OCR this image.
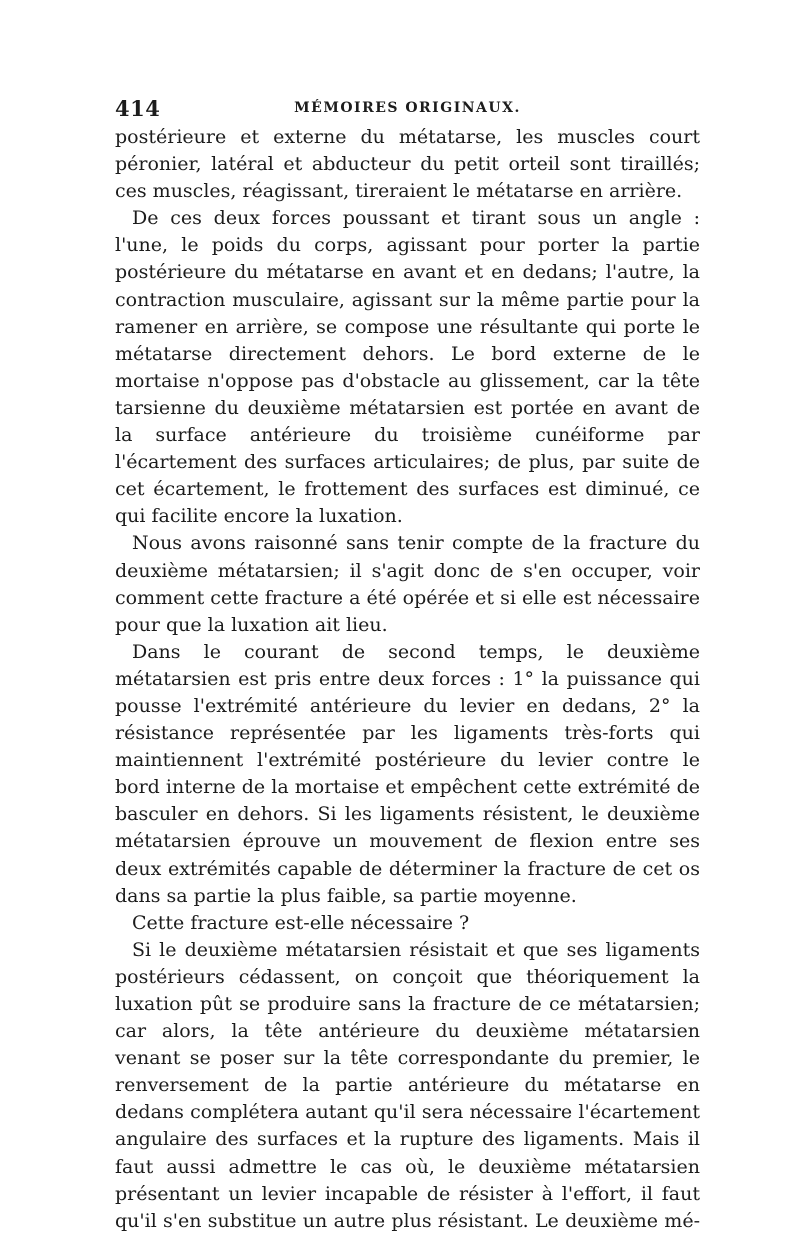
414	MÉMOIRES ORIGINAUX.

postérieure et externe du métatarse, les muscles court péronier, latéral et abducteur du petit orteil sont tiraillés; ces muscles, réagissant, tireraient le métatarse en arrière.

De ces deux forces poussant et tirant sous un angle : l'une, le poids du corps, agissant pour porter la partie postérieure du métatarse en avant et en dedans; l'autre, la contraction musculaire, agissant sur la même partie pour la ramener en arrière, se compose une résultante qui porte le métatarse directement dehors. Le bord externe de le mortaise n'oppose pas d'obstacle au glissement, car la tête tarsienne du deuxième métatarsien est portée en avant de la surface antérieure du troisième cunéiforme par l'écartement des surfaces articulaires; de plus, par suite de cet écartement, le frottement des surfaces est diminué, ce qui facilite encore la luxation.

Nous avons raisonné sans tenir compte de la fracture du deuxième métatarsien; il s'agit donc de s'en occuper, voir comment cette fracture a été opérée et si elle est nécessaire pour que la luxation ait lieu.

Dans le courant de second temps, le deuxième métatarsien est pris entre deux forces : 1° la puissance qui pousse l'extrémité antérieure du levier en dedans, 2° la résistance représentée par les ligaments très-forts qui maintiennent l'extrémité postérieure du levier contre le bord interne de la mortaise et empêchent cette extrémité de basculer en dehors. Si les ligaments résistent, le deuxième métatarsien éprouve un mouvement de flexion entre ses deux extrémités capable de déterminer la fracture de cet os dans sa partie la plus faible, sa partie moyenne.

Cette fracture est-elle nécessaire ?

Si le deuxième métatarsien résistait et que ses ligaments postérieurs cédassent, on conçoit que théoriquement la luxation pût se produire sans la fracture de ce métatarsien; car alors, la tête antérieure du deuxième métatarsien venant se poser sur la tête correspondante du premier, le renversement de la partie antérieure du métatarse en dedans complétera autant qu'il sera nécessaire l'écartement angulaire des surfaces et la rupture des ligaments. Mais il faut aussi admettre le cas où, le deuxième métatarsien présentant un levier incapable de résister à l'effort, il faut qu'il s'en substitue un autre plus résistant. Le deuxième mé-
